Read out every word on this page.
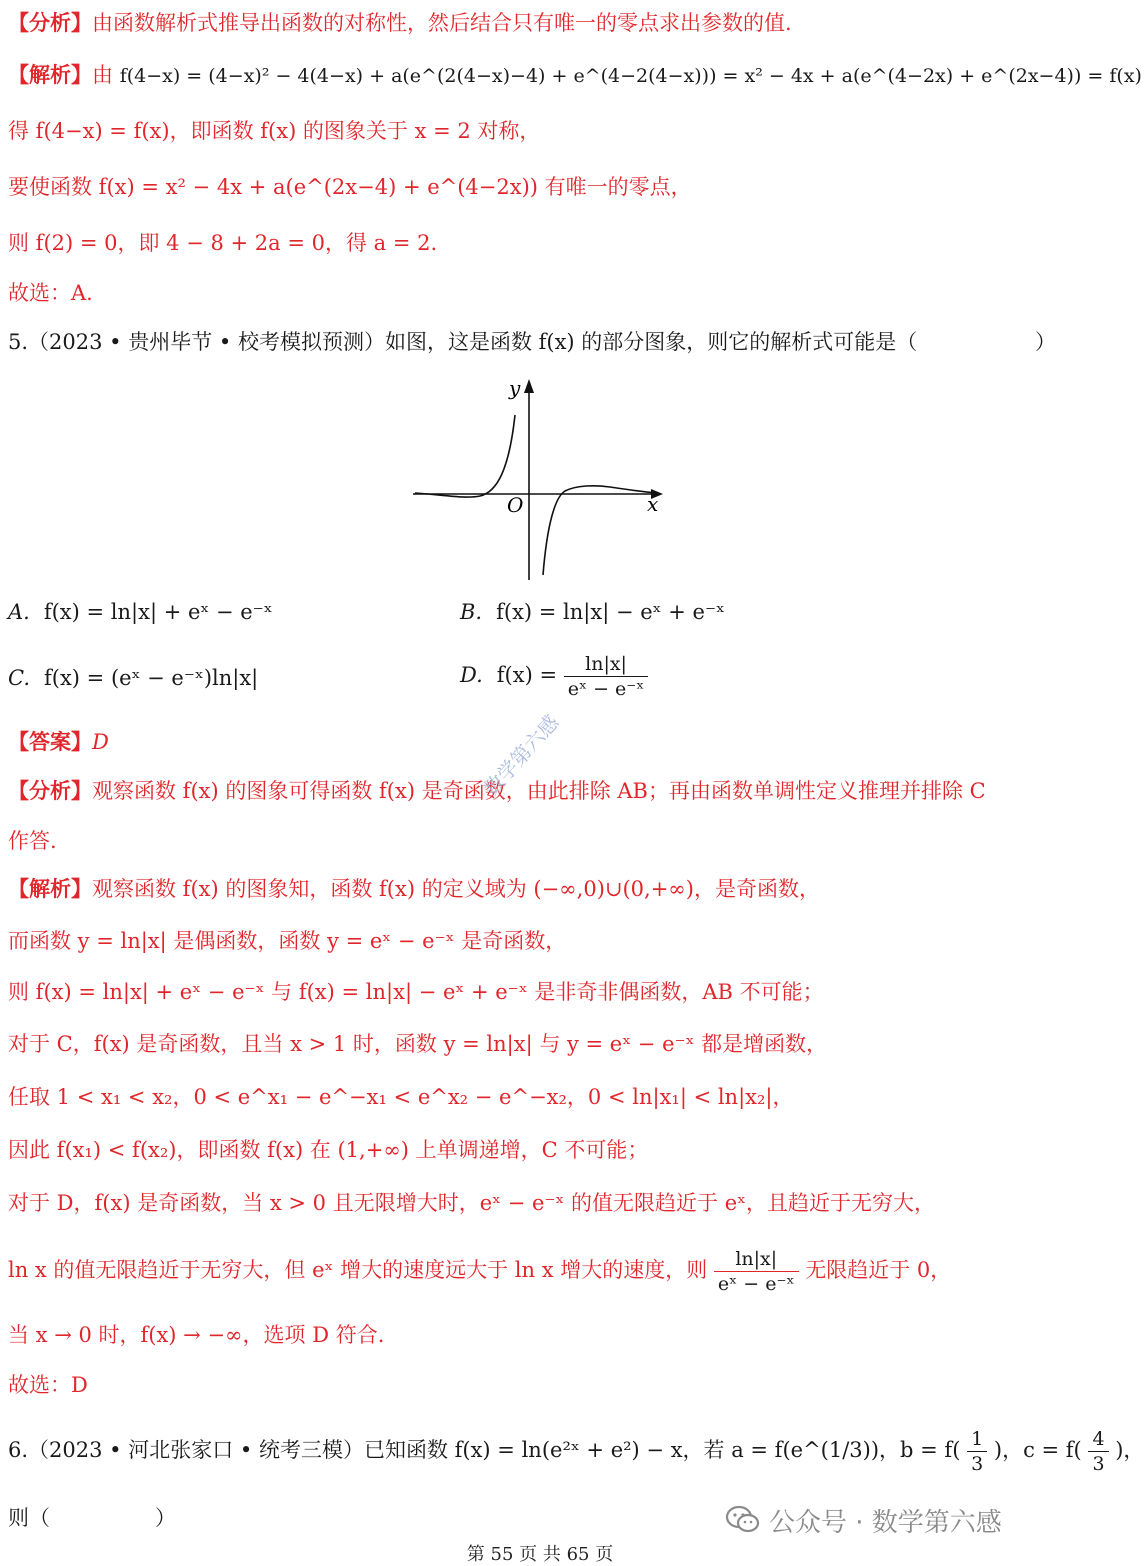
【分析】由函数解析式推导出函数的对称性，然后结合只有唯一的零点求出参数的值.
【解析】由 f(4−x) = (4−x)² − 4(4−x) + a(e^(2(4−x)−4) + e^(4−2(4−x))) = x² − 4x + a(e^(4−2x) + e^(2x−4)) = f(x)
得 f(4−x) = f(x)，即函数 f(x) 的图象关于 x = 2 对称，
要使函数 f(x) = x² − 4x + a(e^(2x−4) + e^(4−2x)) 有唯一的零点，
则 f(2) = 0，即 4 − 8 + 2a = 0，得 a = 2.
故选：A.
5.（2023 • 贵州毕节 • 校考模拟预测）如图，这是函数 f(x) 的部分图象，则它的解析式可能是（	）
y
x
O
A. f(x) = ln|x| + eˣ − e⁻ˣ	B. f(x) = ln|x| − eˣ + e⁻ˣ
C. f(x) = (eˣ − e⁻ˣ)ln|x|	D. $f(x) = \frac{\ln|x|}{\text{eˣ − e⁻ˣ}}$
【答案】D
【分析】观察函数 f(x) 的图象可得函数 f(x) 是奇函数，由此排除 AB；再由函数单调性定义推理并排除 C
作答.
【解析】观察函数 f(x) 的图象知，函数 f(x) 的定义域为 (−∞,0)∪(0,+∞)，是奇函数，
而函数 y = ln|x| 是偶函数，函数 y = eˣ − e⁻ˣ 是奇函数，
则 f(x) = ln|x| + eˣ − e⁻ˣ 与 f(x) = ln|x| − eˣ + e⁻ˣ 是非奇非偶函数，AB 不可能；
对于 C，f(x) 是奇函数，且当 x > 1 时，函数 y = ln|x| 与 y = eˣ − e⁻ˣ 都是增函数，
任取 1 < x₁ < x₂，0 < e^x₁ − e^−x₁ < e^x₂ − e^−x₂，0 < ln|x₁| < ln|x₂|，
因此 f(x₁) < f(x₂)，即函数 f(x) 在 (1,+∞) 上单调递增，C 不可能；
对于 D，f(x) 是奇函数，当 x > 0 且无限增大时，eˣ − e⁻ˣ 的值无限趋近于 eˣ，且趋近于无穷大，
ln x 的值无限趋近于无穷大，但 eˣ 增大的速度远大于 ln x 增大的速度，则 $\frac{\ln|x|}{\text{eˣ − e⁻ˣ}}$ 无限趋近于 0，
当 x → 0 时，f(x) → −∞，选项 D 符合.
故选：D
6.（2023 • 河北张家口 • 统考三模）已知函数 f(x) = ln(e²ˣ + e²) − x，若 a = f(e^(1/3))，$b = f( \frac{1}{3}$ )，$c = f( \frac{4}{3}$ )，
则（　　　　　）
数学第六感
公众号 · 数学第六感
第 55 页 共 65 页
